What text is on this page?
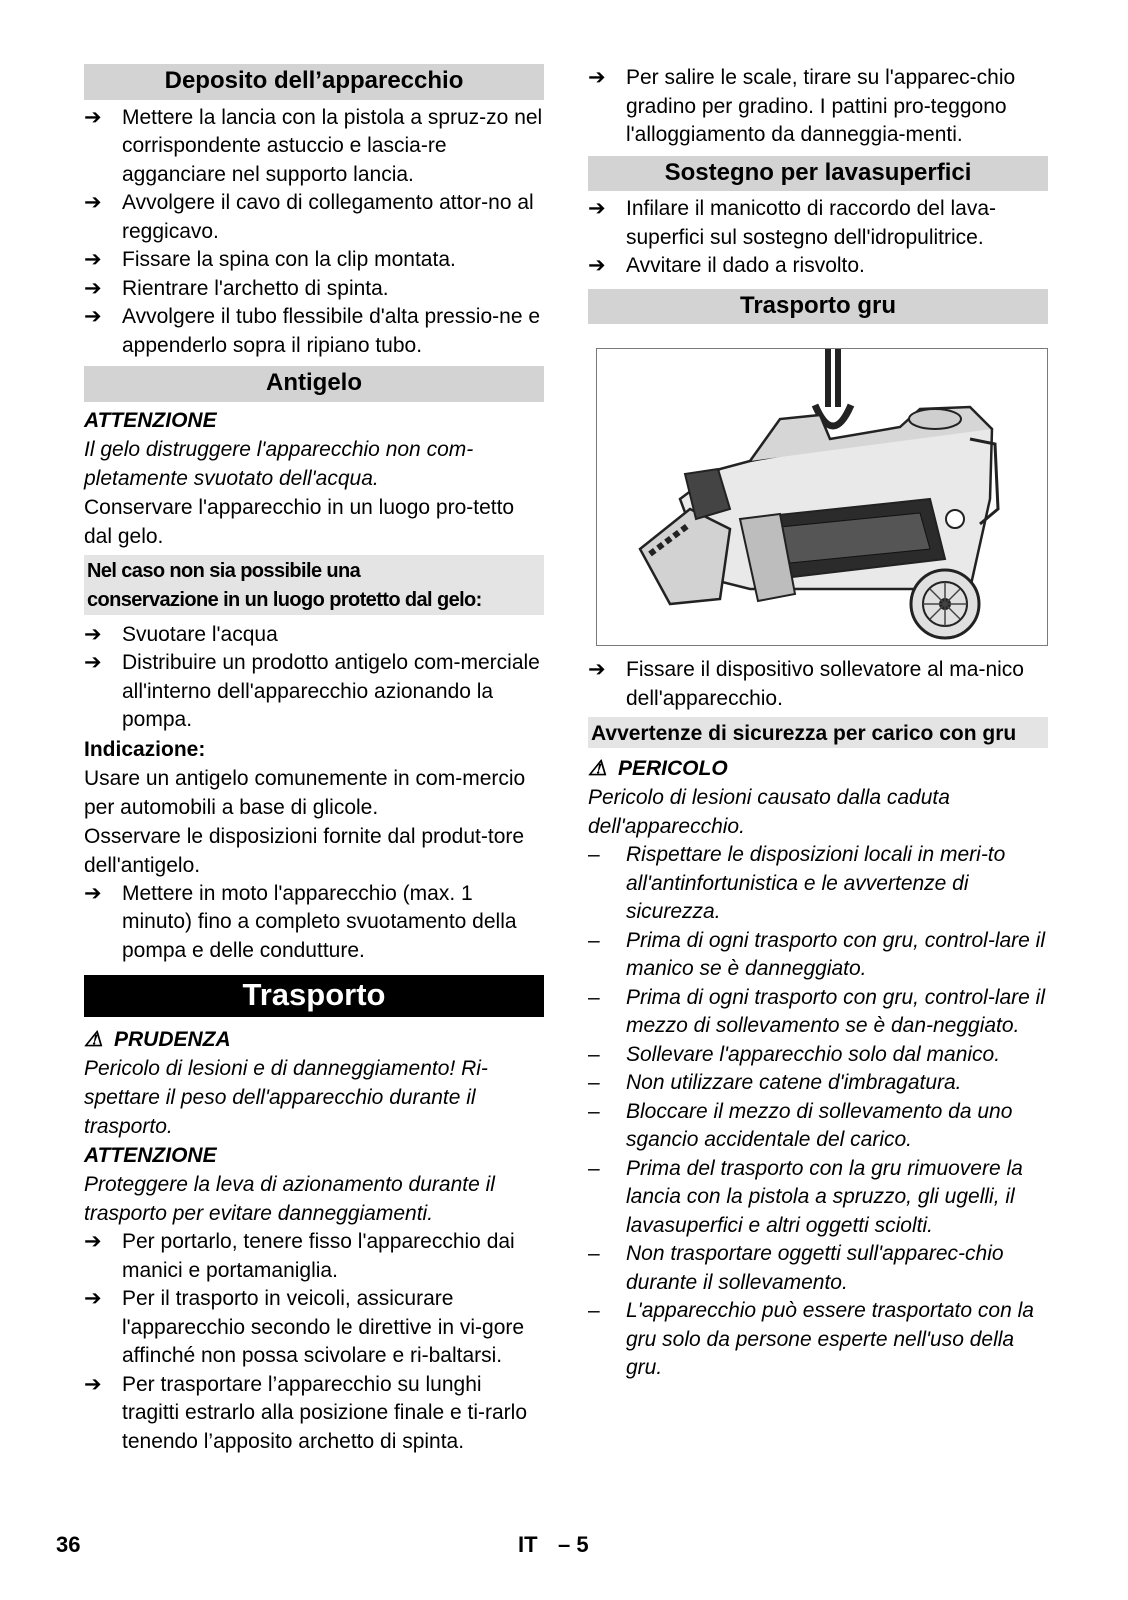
Deposito dell’apparecchio
➔ Mettere la lancia con la pistola a spruz-zo nel corrispondente astuccio e lascia-re agganciare nel supporto lancia.
➔ Avvolgere il cavo di collegamento attor-no al reggicavo.
➔ Fissare la spina con la clip montata.
➔ Rientrare l'archetto di spinta.
➔ Avvolgere il tubo flessibile d'alta pressio-ne e appenderlo sopra il ripiano tubo.
Antigelo
ATTENZIONE
Il gelo distruggere l'apparecchio non com-pletamente svuotato dell'acqua.
Conservare l'apparecchio in un luogo pro-tetto dal gelo.
Nel caso non sia possibile una
conservazione in un luogo protetto dal gelo:
➔ Svuotare l'acqua
➔ Distribuire un prodotto antigelo com-merciale all'interno dell'apparecchio azionando la pompa.
Indicazione:
Usare un antigelo comunemente in com-mercio per automobili a base di glicole.
Osservare le disposizioni fornite dal produt-tore dell'antigelo.
➔ Mettere in moto l'apparecchio (max. 1 minuto) fino a completo svuotamento della pompa e delle condutture.
Trasporto
⚠ PRUDENZA
Pericolo di lesioni e di danneggiamento! Ri-spettare il peso dell'apparecchio durante il trasporto.
ATTENZIONE
Proteggere la leva di azionamento durante il trasporto per evitare danneggiamenti.
➔ Per portarlo, tenere fisso l'apparecchio dai manici e portamaniglia.
➔ Per il trasporto in veicoli, assicurare l'apparecchio secondo le direttive in vi-gore affinché non possa scivolare e ri-baltarsi.
➔ Per trasportare l’apparecchio su lunghi tragitti estrarlo alla posizione finale e ti-rarlo tenendo l’apposito archetto di spinta.
➔ Per salire le scale, tirare su l'apparec-chio gradino per gradino. I pattini pro-teggono l'alloggiamento da danneggia-menti.
Sostegno per lavasuperfici
➔ Infilare il manicotto di raccordo del lava-superfici sul sostegno dell'idropulitrice.
➔ Avvitare il dado a risvolto.
Trasporto gru
➔ Fissare il dispositivo sollevatore al ma-nico dell'apparecchio.
Avvertenze di sicurezza per carico con gru
⚠ PERICOLO
Pericolo di lesioni causato dalla caduta dell'apparecchio.
–	Rispettare le disposizioni locali in meri-to all'antinfortunistica e le avvertenze di sicurezza.
–	Prima di ogni trasporto con gru, control-lare il manico se è danneggiato.
–	Prima di ogni trasporto con gru, control-lare il mezzo di sollevamento se è dan-neggiato.
–	Sollevare l'apparecchio solo dal manico.
–	Non utilizzare catene d'imbragatura.
–	Bloccare il mezzo di sollevamento da uno sgancio accidentale del carico.
–	Prima del trasporto con la gru rimuovere la lancia con la pistola a spruzzo, gli ugelli, il lavasuperfici e altri oggetti sciolti.
–	Non trasportare oggetti sull'apparec-chio durante il sollevamento.
–	L'apparecchio può essere trasportato con la gru solo da persone esperte nell'uso della gru.
36	IT – 5
